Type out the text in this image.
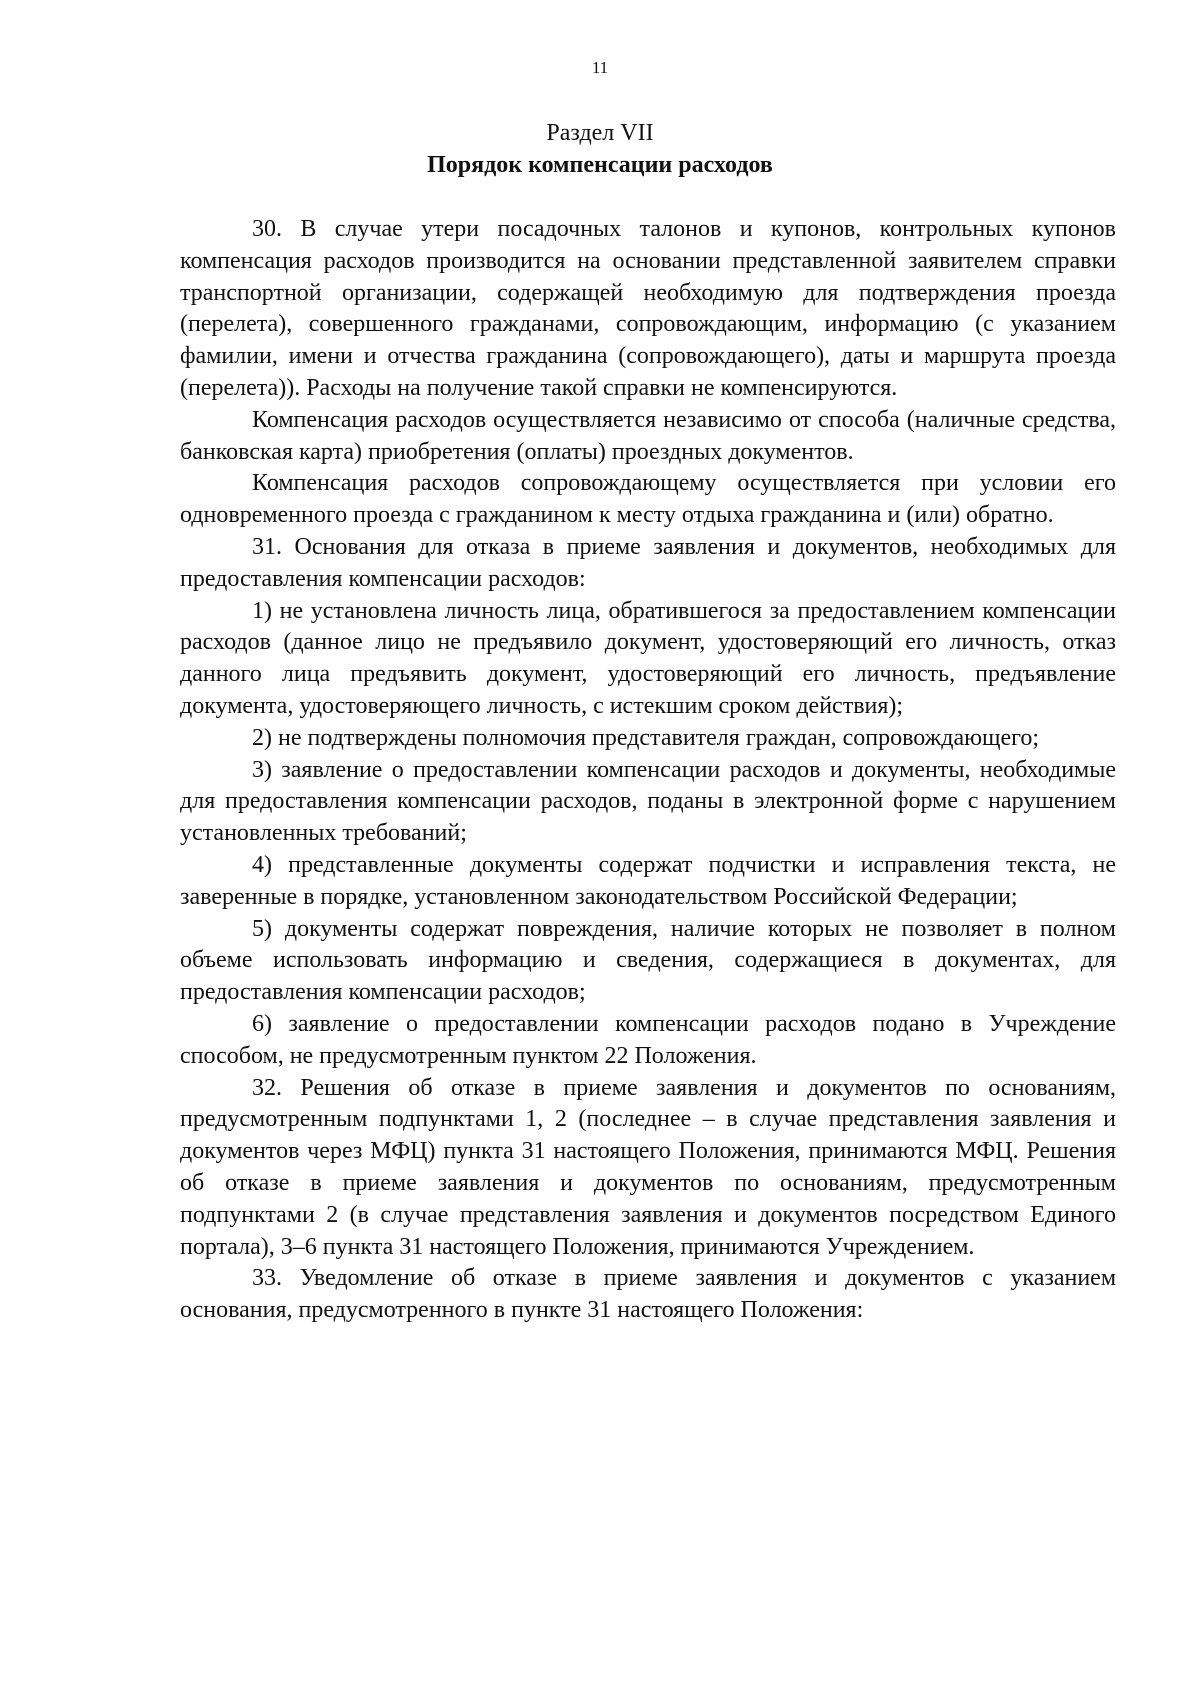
11
Раздел VII
Порядок компенсации расходов

30. В случае утери посадочных талонов и купонов, контрольных купонов компенсация расходов производится на основании представленной заявителем справки транспортной организации, содержащей необходимую для подтверждения проезда (перелета), совершенного гражданами, сопровождающим, информацию (с указанием фамилии, имени и отчества гражданина (сопровождающего), даты и маршрута проезда (перелета)). Расходы на получение такой справки не компенсируются.

Компенсация расходов осуществляется независимо от способа (наличные средства, банковская карта) приобретения (оплаты) проездных документов.

Компенсация расходов сопровождающему осуществляется при условии его одновременного проезда с гражданином к месту отдыха гражданина и (или) обратно.

31. Основания для отказа в приеме заявления и документов, необходимых для предоставления компенсации расходов:

1) не установлена личность лица, обратившегося за предоставлением компенсации расходов (данное лицо не предъявило документ, удостоверяющий его личность, отказ данного лица предъявить документ, удостоверяющий его личность, предъявление документа, удостоверяющего личность, с истекшим сроком действия);

2) не подтверждены полномочия представителя граждан, сопровождающего;

3) заявление о предоставлении компенсации расходов и документы, необходимые для предоставления компенсации расходов, поданы в электронной форме с нарушением установленных требований;

4) представленные документы содержат подчистки и исправления текста, не заверенные в порядке, установленном законодательством Российской Федерации;

5) документы содержат повреждения, наличие которых не позволяет в полном объеме использовать информацию и сведения, содержащиеся в документах, для предоставления компенсации расходов;

6) заявление о предоставлении компенсации расходов подано в Учреждение способом, не предусмотренным пунктом 22 Положения.

32. Решения об отказе в приеме заявления и документов по основаниям, предусмотренным подпунктами 1, 2 (последнее – в случае представления заявления и документов через МФЦ) пункта 31 настоящего Положения, принимаются МФЦ. Решения об отказе в приеме заявления и документов по основаниям, предусмотренным подпунктами 2 (в случае представления заявления и документов посредством Единого портала), 3–6 пункта 31 настоящего Положения, принимаются Учреждением.

33. Уведомление об отказе в приеме заявления и документов с указанием основания, предусмотренного в пункте 31 настоящего Положения:
